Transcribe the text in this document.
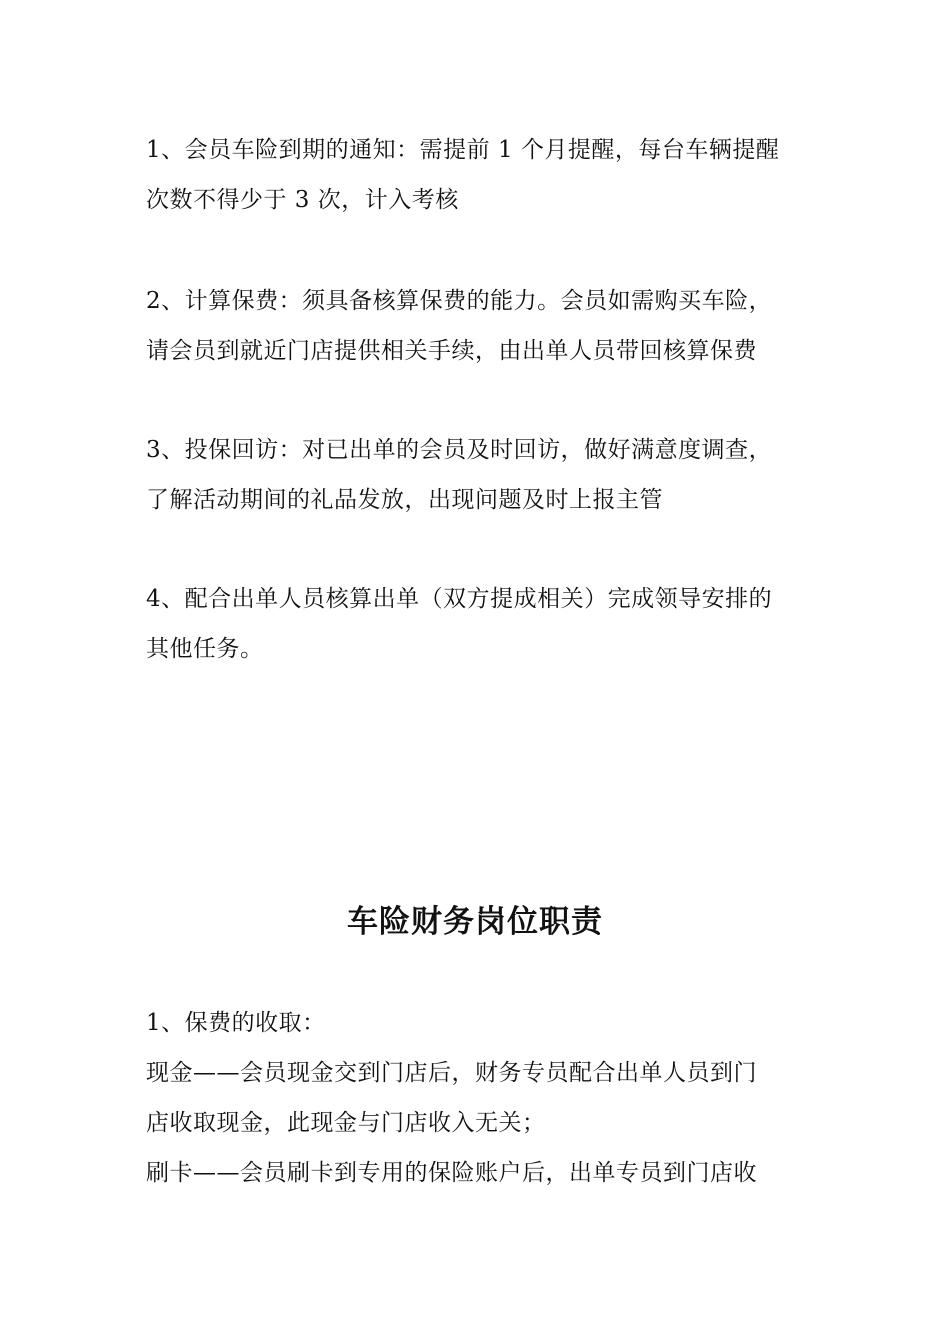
1、会员车险到期的通知：需提前 1 个月提醒，每台车辆提醒
次数不得少于 3 次，计入考核
2、计算保费：须具备核算保费的能力。会员如需购买车险，
请会员到就近门店提供相关手续，由出单人员带回核算保费
3、投保回访：对已出单的会员及时回访，做好满意度调查，
了解活动期间的礼品发放，出现问题及时上报主管
4、配合出单人员核算出单（双方提成相关）完成领导安排的
其他任务。
车险财务岗位职责
1、保费的收取：
现金——会员现金交到门店后，财务专员配合出单人员到门
店收取现金，此现金与门店收入无关；
刷卡——会员刷卡到专用的保险账户后，出单专员到门店收
